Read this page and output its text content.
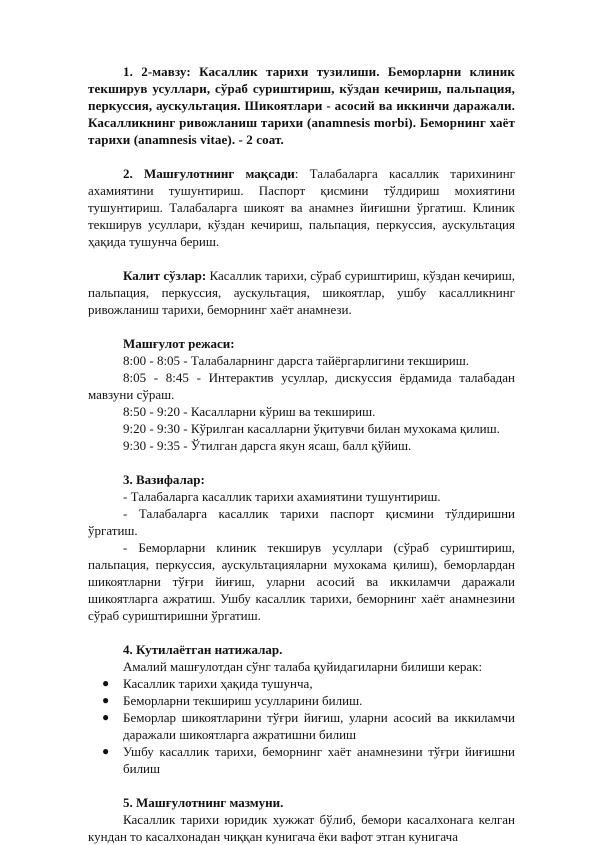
1. 2-мавзу: Касаллик тарихи тузилиши. Беморларни клиник текширув усуллари, сўраб суриштириш, кўздан кечириш, пальпация, перкуссия, аускультация. Шикоятлари - асосий ва иккинчи даражали. Касалликнинг ривожланиш тарихи (anamnesis morbi). Беморнинг хаёт тарихи (anamnesis vitae). - 2 соат.

2. Машғулотнинг мақсади: Талабаларга касаллик тарихининг ахамиятини тушунтириш. Паспорт қисмини тўлдириш мохиятини тушунтириш. Талабаларга шикоят ва анамнез йиғишни ўргатиш. Клиник текширув усуллари, кўздан кечириш, пальпация, перкуссия, аускультация ҳақида тушунча бериш.

Калит сўзлар: Касаллик тарихи, сўраб суриштириш, кўздан кечириш, пальпация, перкуссия, аускультация, шикоятлар, ушбу касалликнинг ривожланиш тарихи, беморнинг хаёт анамнези.

Машғулот режаси:

8:00 - 8:05 - Талабаларнинг дарсга тайёргарлигини текшириш.

8:05 - 8:45 - Интерактив усуллар, дискуссия ёрдамида талабадан мавзуни сўраш.

8:50 - 9:20 - Касалларни кўриш ва текшириш.

9:20 - 9:30 - Кўрилган касалларни ўқитувчи билан мухокама қилиш.

9:30 - 9:35 - Ўтилган дарсга якун ясаш, балл қўйиш.

3. Вазифалар:

- Талабаларга касаллик тарихи ахамиятини тушунтириш.

- Талабаларга касаллик тарихи паспорт қисмини тўлдиришни ўргатиш.

- Беморларни клиник текширув усуллари (сўраб суриштириш, пальпация, перкуссия, аускультацияларни мухокама қилиш), беморлардан шикоятларни тўғри йиғиш, уларни асосий ва иккиламчи даражали шикоятларга ажратиш. Ушбу касаллик тарихи, беморнинг хаёт анамнезини сўраб суриштиришни ўргатиш.

4. Кутилаётган натижалар.

Амалий машғулотдан сўнг талаба қуйидагиларни билиши керак:

● Касаллик тарихи ҳақида тушунча,
● Беморларни текшириш усулларини билиш.
● Беморлар шикоятларини тўғри йиғиш, уларни асосий ва иккиламчи даражали шикоятларга ажратишни билиш
● Ушбу касаллик тарихи, беморнинг хаёт анамнезини тўғри йиғишни билиш

5. Машғулотнинг мазмуни.

Касаллик тарихи юридик хужжат бўлиб, бемори касалхонага келган кундан то касалхонадан чиққан кунигача ёки вафот этган кунигача
